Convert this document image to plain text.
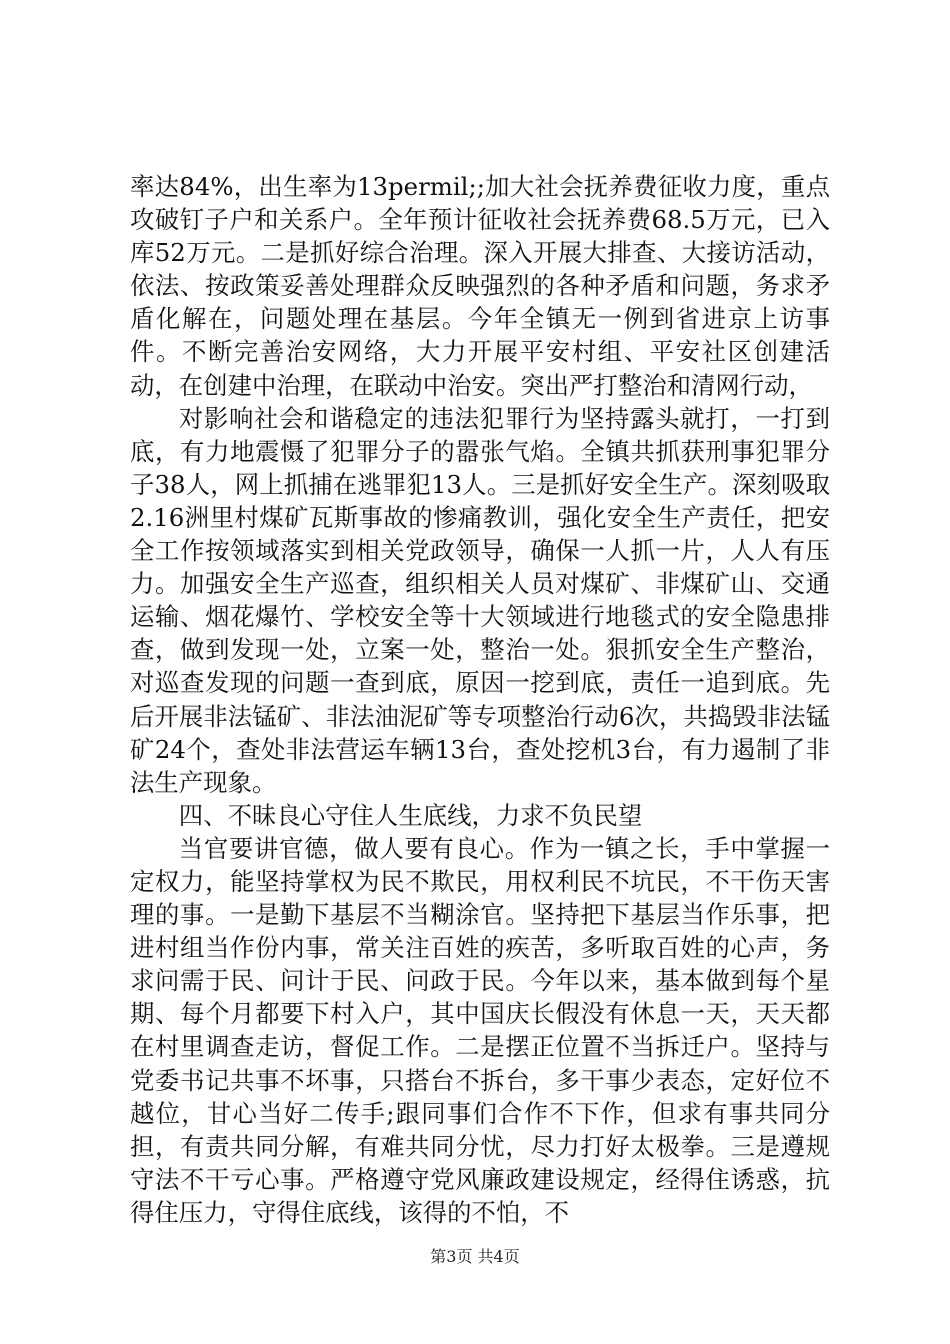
率达84%，出生率为13permil;;加大社会抚养费征收力度，重点攻破钉子户和关系户。全年预计征收社会抚养费68.5万元，已入库52万元。二是抓好综合治理。深入开展大排查、大接访活动，依法、按政策妥善处理群众反映强烈的各种矛盾和问题，务求矛盾化解在，问题处理在基层。今年全镇无一例到省进京上访事件。不断完善治安网络，大力开展平安村组、平安社区创建活动，在创建中治理，在联动中治安。突出严打整治和清网行动，

对影响社会和谐稳定的违法犯罪行为坚持露头就打，一打到底，有力地震慑了犯罪分子的嚣张气焰。全镇共抓获刑事犯罪分子38人，网上抓捕在逃罪犯13人。三是抓好安全生产。深刻吸取2.16洲里村煤矿瓦斯事故的惨痛教训，强化安全生产责任，把安全工作按领域落实到相关党政领导，确保一人抓一片，人人有压力。加强安全生产巡查，组织相关人员对煤矿、非煤矿山、交通运输、烟花爆竹、学校安全等十大领域进行地毯式的安全隐患排查，做到发现一处，立案一处，整治一处。狠抓安全生产整治，对巡查发现的问题一查到底，原因一挖到底，责任一追到底。先后开展非法锰矿、非法油泥矿等专项整治行动6次，共捣毁非法锰矿24个，查处非法营运车辆13台，查处挖机3台，有力遏制了非法生产现象。

四、不昧良心守住人生底线，力求不负民望

当官要讲官德，做人要有良心。作为一镇之长，手中掌握一定权力，能坚持掌权为民不欺民，用权利民不坑民，不干伤天害理的事。一是勤下基层不当糊涂官。坚持把下基层当作乐事，把进村组当作份内事，常关注百姓的疾苦，多听取百姓的心声，务求问需于民、问计于民、问政于民。今年以来，基本做到每个星期、每个月都要下村入户，其中国庆长假没有休息一天，天天都在村里调查走访，督促工作。二是摆正位置不当拆迁户。坚持与党委书记共事不坏事，只搭台不拆台，多干事少表态，定好位不越位，甘心当好二传手;跟同事们合作不下作，但求有事共同分担，有责共同分解，有难共同分忧，尽力打好太极拳。三是遵规守法不干亏心事。严格遵守党风廉政建设规定，经得住诱惑，抗得住压力，守得住底线，该得的不怕，不

第3页 共4页
